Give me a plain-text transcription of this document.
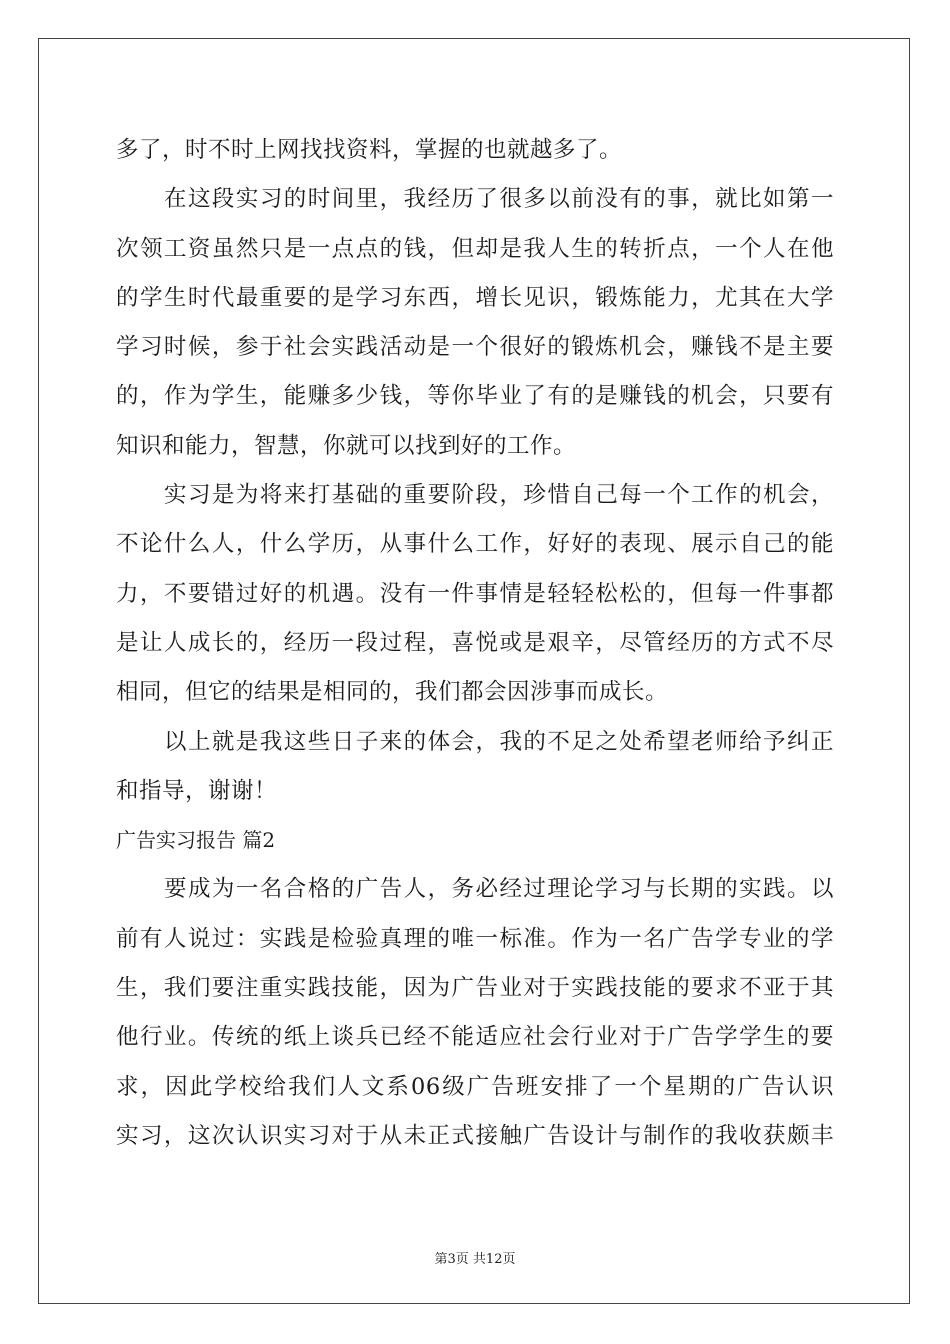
多了，时不时上网找找资料，掌握的也就越多了。
在这段实习的时间里，我经历了很多以前没有的事，就比如第一
次领工资虽然只是一点点的钱，但却是我人生的转折点，一个人在他
的学生时代最重要的是学习东西，增长见识，锻炼能力，尤其在大学
学习时候，参于社会实践活动是一个很好的锻炼机会，赚钱不是主要
的，作为学生，能赚多少钱，等你毕业了有的是赚钱的机会，只要有
知识和能力，智慧，你就可以找到好的工作。
实习是为将来打基础的重要阶段，珍惜自己每一个工作的机会，
不论什么人，什么学历，从事什么工作，好好的表现、展示自己的能
力，不要错过好的机遇。没有一件事情是轻轻松松的，但每一件事都
是让人成长的，经历一段过程，喜悦或是艰辛，尽管经历的方式不尽
相同，但它的结果是相同的，我们都会因涉事而成长。
以上就是我这些日子来的体会，我的不足之处希望老师给予纠正
和指导，谢谢！
广告实习报告 篇2
要成为一名合格的广告人，务必经过理论学习与长期的实践。以
前有人说过：实践是检验真理的唯一标准。作为一名广告学专业的学
生，我们要注重实践技能，因为广告业对于实践技能的要求不亚于其
他行业。传统的纸上谈兵已经不能适应社会行业对于广告学学生的要
求，因此学校给我们人文系06级广告班安排了一个星期的广告认识
实习，这次认识实习对于从未正式接触广告设计与制作的我收获颇丰
第3页 共12页
